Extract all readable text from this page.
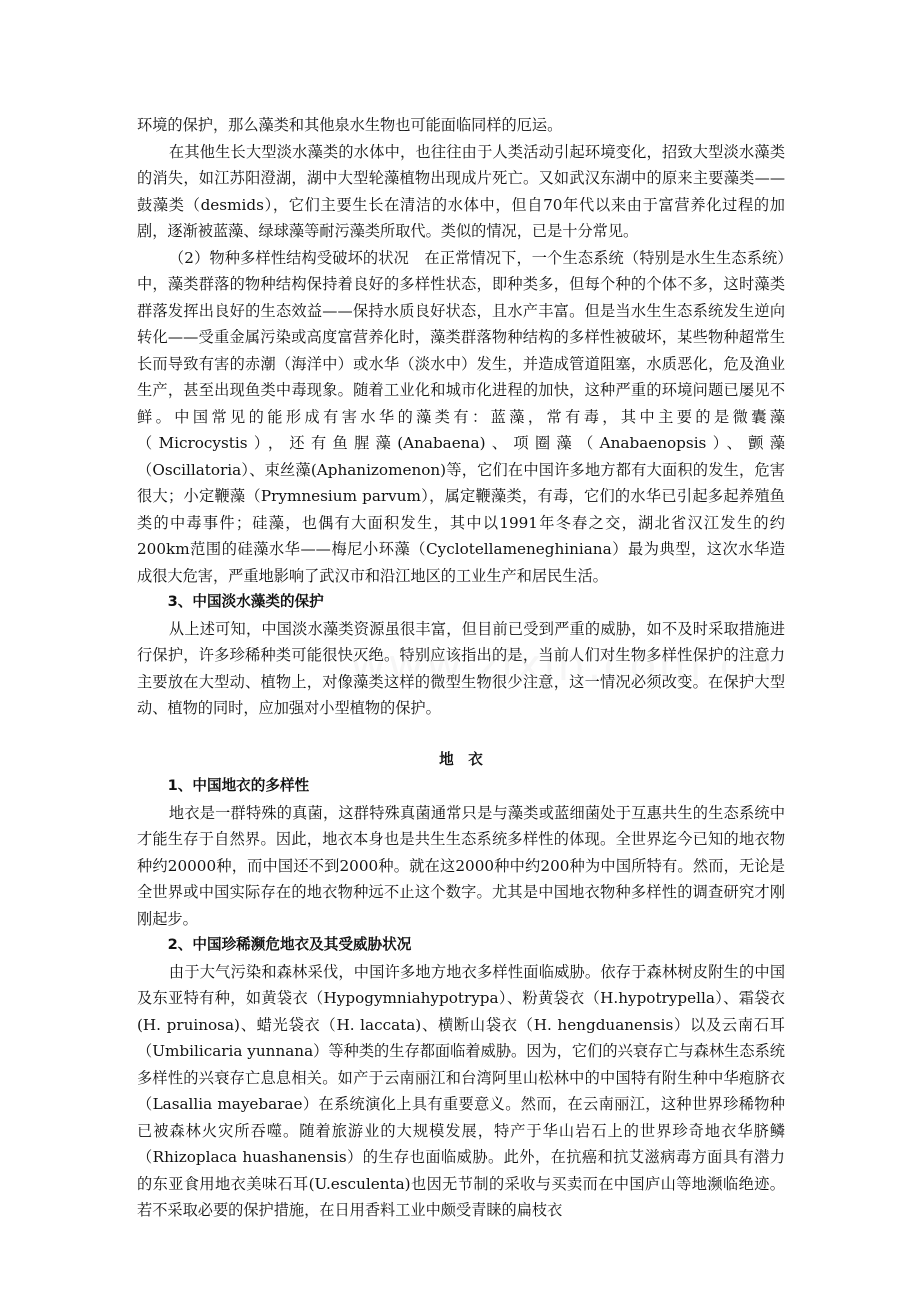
环境的保护，那么藻类和其他泉水生物也可能面临同样的厄运。

在其他生长大型淡水藻类的水体中，也往往由于人类活动引起环境变化，招致大型淡水藻类的消失，如江苏阳澄湖，湖中大型轮藻植物出现成片死亡。又如武汉东湖中的原来主要藻类——鼓藻类（desmids），它们主要生长在清洁的水体中，但自70年代以来由于富营养化过程的加剧，逐渐被蓝藻、绿球藻等耐污藻类所取代。类似的情况，已是十分常见。

（2）物种多样性结构受破坏的状况　在正常情况下，一个生态系统（特别是水生生态系统）中，藻类群落的物种结构保持着良好的多样性状态，即种类多，但每个种的个体不多，这时藻类群落发挥出良好的生态效益——保持水质良好状态，且水产丰富。但是当水生生态系统发生逆向转化——受重金属污染或高度富营养化时，藻类群落物种结构的多样性被破坏，某些物种超常生长而导致有害的赤潮（海洋中）或水华（淡水中）发生，并造成管道阻塞，水质恶化，危及渔业生产，甚至出现鱼类中毒现象。随着工业化和城市化进程的加快，这种严重的环境问题已屡见不鲜。中国常见的能形成有害水华的藻类有：蓝藻，常有毒，其中主要的是微囊藻（Microcystis），还有鱼腥藻(Anabaena)、项圈藻（Anabaenopsis）、颤藻（Oscillatoria）、束丝藻(Aphanizomenon)等，它们在中国许多地方都有大面积的发生，危害很大；小定鞭藻（Prymnesium parvum），属定鞭藻类，有毒，它们的水华已引起多起养殖鱼类的中毒事件；硅藻，也偶有大面积发生，其中以1991年冬春之交，湖北省汉江发生的约200km范围的硅藻水华——梅尼小环藻（Cyclotellameneghiniana）最为典型，这次水华造成很大危害，严重地影响了武汉市和沿江地区的工业生产和居民生活。

3、中国淡水藻类的保护

从上述可知，中国淡水藻类资源虽很丰富，但目前已受到严重的威胁，如不及时采取措施进行保护，许多珍稀种类可能很快灭绝。特别应该指出的是，当前人们对生物多样性保护的注意力主要放在大型动、植物上，对像藻类这样的微型生物很少注意，这一情况必须改变。在保护大型动、植物的同时，应加强对小型植物的保护。

地衣

1、中国地衣的多样性

地衣是一群特殊的真菌，这群特殊真菌通常只是与藻类或蓝细菌处于互惠共生的生态系统中才能生存于自然界。因此，地衣本身也是共生生态系统多样性的体现。全世界迄今已知的地衣物种约20000种，而中国还不到2000种。就在这2000种中约200种为中国所特有。然而，无论是全世界或中国实际存在的地衣物种远不止这个数字。尤其是中国地衣物种多样性的调查研究才刚刚起步。

2、中国珍稀濒危地衣及其受威胁状况

由于大气污染和森林采伐，中国许多地方地衣多样性面临威胁。依存于森林树皮附生的中国及东亚特有种，如黄袋衣（Hypogymniahypotrypa）、粉黄袋衣（H.hypotrypella）、霜袋衣(H. pruinosa)、蜡光袋衣（H. laccata)、横断山袋衣（H. hengduanensis）以及云南石耳（Umbilicaria yunnana）等种类的生存都面临着威胁。因为，它们的兴衰存亡与森林生态系统多样性的兴衰存亡息息相关。如产于云南丽江和台湾阿里山松林中的中国特有附生种中华疱脐衣（Lasallia mayebarae）在系统演化上具有重要意义。然而，在云南丽江，这种世界珍稀物种已被森林火灾所吞噬。随着旅游业的大规模发展，特产于华山岩石上的世界珍奇地衣华脐鳞（Rhizoplaca huashanensis）的生存也面临威胁。此外，在抗癌和抗艾滋病毒方面具有潜力的东亚食用地衣美味石耳(U.esculenta)也因无节制的采收与买卖而在中国庐山等地濒临绝迹。若不采取必要的保护措施，在日用香料工业中颇受青睐的扁枝衣
